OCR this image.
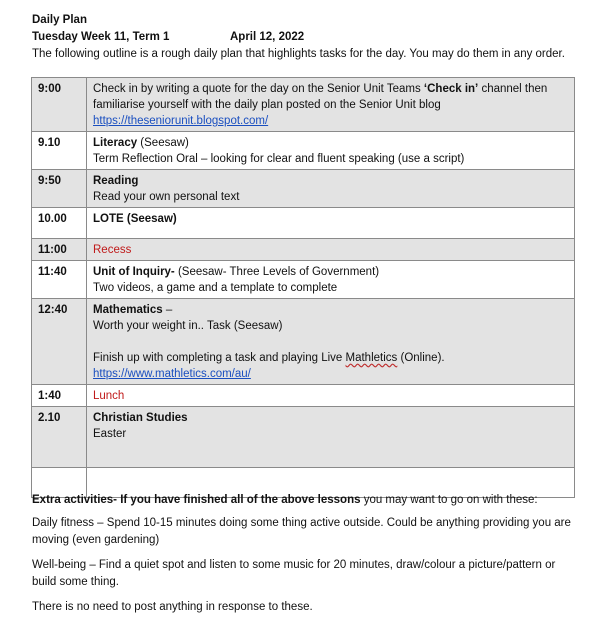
Daily Plan
Tuesday Week 11, Term 1	April 12, 2022
The following outline is a rough daily plan that highlights tasks for the day. You may do them in any order.
9:00	Check in by writing a quote for the day on the Senior Unit Teams ‘Check in’ channel then familiarise yourself with the daily plan posted on the Senior Unit blog
https://theseniorunit.blogspot.com/
9.10	Literacy (Seesaw)
Term Reflection Oral – looking for clear and fluent speaking (use a script)
9:50	Reading
Read your own personal text
10.00	LOTE (Seesaw)
11:00	Recess
11:40	Unit of Inquiry- (Seesaw- Three Levels of Government)
Two videos, a game and a template to complete
12:40	Mathematics –
Worth your weight in.. Task (Seesaw)

Finish up with completing a task and playing Live Mathletics (Online).
https://www.mathletics.com/au/
1:40	Lunch
2.10	Christian Studies
Easter

Extra activities- If you have finished all of the above lessons you may want to go on with these:
Daily fitness – Spend 10-15 minutes doing some thing active outside. Could be anything providing you are moving (even gardening)
Well-being – Find a quiet spot and listen to some music for 20 minutes, draw/colour a picture/pattern or build some thing.
There is no need to post anything in response to these.
